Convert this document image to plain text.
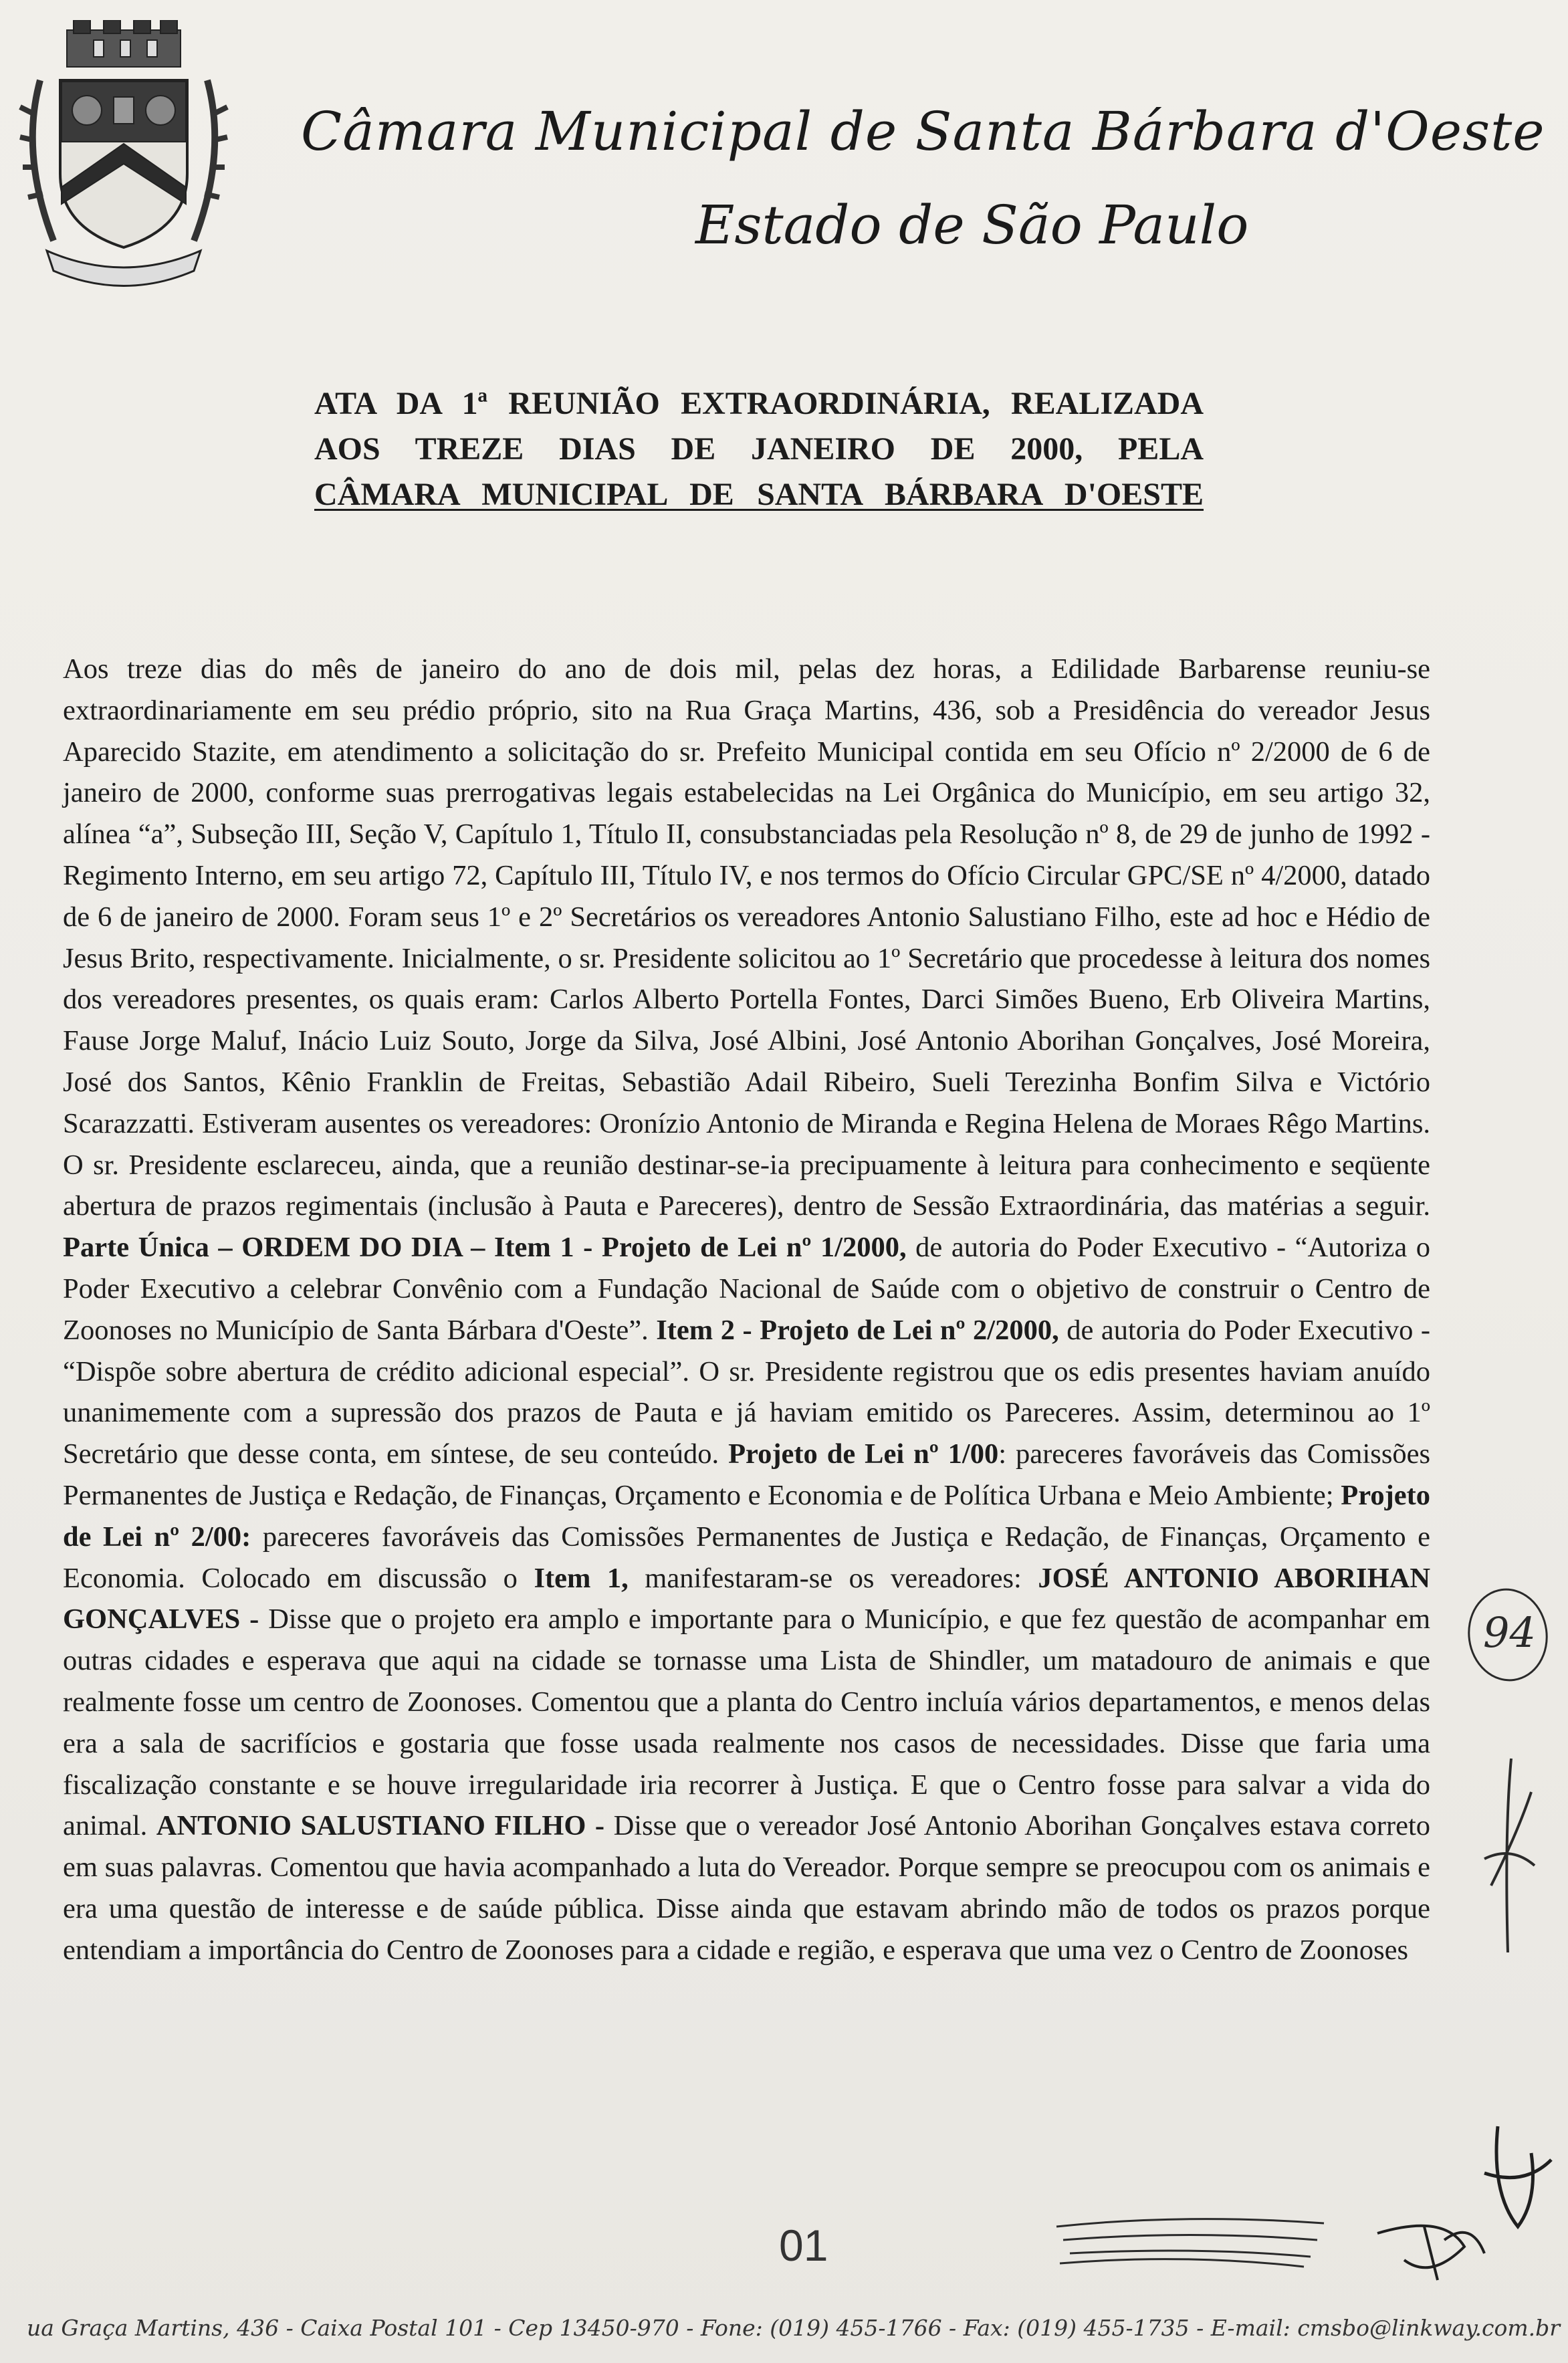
Câmara Municipal de Santa Bárbara d'Oeste
Estado de São Paulo
ATA DA 1ª REUNIÃO EXTRAORDINÁRIA, REALIZADA
AOS TREZE DIAS DE JANEIRO DE 2000, PELA
CÂMARA MUNICIPAL DE SANTA BÁRBARA D'OESTE
Aos treze dias do mês de janeiro do ano de dois mil, pelas dez horas, a Edilidade Barbarense reuniu-se extraordinariamente em seu prédio próprio, sito na Rua Graça Martins, 436, sob a Presidência do vereador Jesus Aparecido Stazite, em atendimento a solicitação do sr. Prefeito Municipal contida em seu Ofício nº 2/2000 de 6 de janeiro de 2000, conforme suas prerrogativas legais estabelecidas na Lei Orgânica do Município, em seu artigo 32, alínea “a”, Subseção III, Seção V, Capítulo 1, Título II, consubstanciadas pela Resolução nº 8, de 29 de junho de 1992 - Regimento Interno, em seu artigo 72, Capítulo III, Título IV, e nos termos do Ofício Circular GPC/SE nº 4/2000, datado de 6 de janeiro de 2000. Foram seus 1º e 2º Secretários os vereadores Antonio Salustiano Filho, este ad hoc e Hédio de Jesus Brito, respectivamente. Inicialmente, o sr. Presidente solicitou ao 1º Secretário que procedesse à leitura dos nomes dos vereadores presentes, os quais eram: Carlos Alberto Portella Fontes, Darci Simões Bueno, Erb Oliveira Martins, Fause Jorge Maluf, Inácio Luiz Souto, Jorge da Silva, José Albini, José Antonio Aborihan Gonçalves, José Moreira, José dos Santos, Kênio Franklin de Freitas, Sebastião Adail Ribeiro, Sueli Terezinha Bonfim Silva e Victório Scarazzatti. Estiveram ausentes os vereadores: Oronízio Antonio de Miranda e Regina Helena de Moraes Rêgo Martins. O sr. Presidente esclareceu, ainda, que a reunião destinar-se-ia precipuamente à leitura para conhecimento e seqüente abertura de prazos regimentais (inclusão à Pauta e Pareceres), dentro de Sessão Extraordinária, das matérias a seguir. Parte Única – ORDEM DO DIA – Item 1 - Projeto de Lei nº 1/2000, de autoria do Poder Executivo - “Autoriza o Poder Executivo a celebrar Convênio com a Fundação Nacional de Saúde com o objetivo de construir o Centro de Zoonoses no Município de Santa Bárbara d'Oeste”. Item 2 - Projeto de Lei nº 2/2000, de autoria do Poder Executivo - “Dispõe sobre abertura de crédito adicional especial”. O sr. Presidente registrou que os edis presentes haviam anuído unanimemente com a supressão dos prazos de Pauta e já haviam emitido os Pareceres. Assim, determinou ao 1º Secretário que desse conta, em síntese, de seu conteúdo. Projeto de Lei nº 1/00: pareceres favoráveis das Comissões Permanentes de Justiça e Redação, de Finanças, Orçamento e Economia e de Política Urbana e Meio Ambiente; Projeto de Lei nº 2/00: pareceres favoráveis das Comissões Permanentes de Justiça e Redação, de Finanças, Orçamento e Economia. Colocado em discussão o Item 1, manifestaram-se os vereadores: JOSÉ ANTONIO ABORIHAN GONÇALVES - Disse que o projeto era amplo e importante para o Município, e que fez questão de acompanhar em outras cidades e esperava que aqui na cidade se tornasse uma Lista de Shindler, um matadouro de animais e que realmente fosse um centro de Zoonoses. Comentou que a planta do Centro incluía vários departamentos, e menos delas era a sala de sacrifícios e gostaria que fosse usada realmente nos casos de necessidades. Disse que faria uma fiscalização constante e se houve irregularidade iria recorrer à Justiça. E que o Centro fosse para salvar a vida do animal. ANTONIO SALUSTIANO FILHO - Disse que o vereador José Antonio Aborihan Gonçalves estava correto em suas palavras. Comentou que havia acompanhado a luta do Vereador. Porque sempre se preocupou com os animais e era uma questão de interesse e de saúde pública. Disse ainda que estavam abrindo mão de todos os prazos porque entendiam a importância do Centro de Zoonoses para a cidade e região, e esperava que uma vez o Centro de Zoonoses
94
01
ua Graça Martins, 436 - Caixa Postal 101 - Cep 13450-970 - Fone: (019) 455-1766 - Fax: (019) 455-1735 - E-mail: cmsbo@linkway.com.br
